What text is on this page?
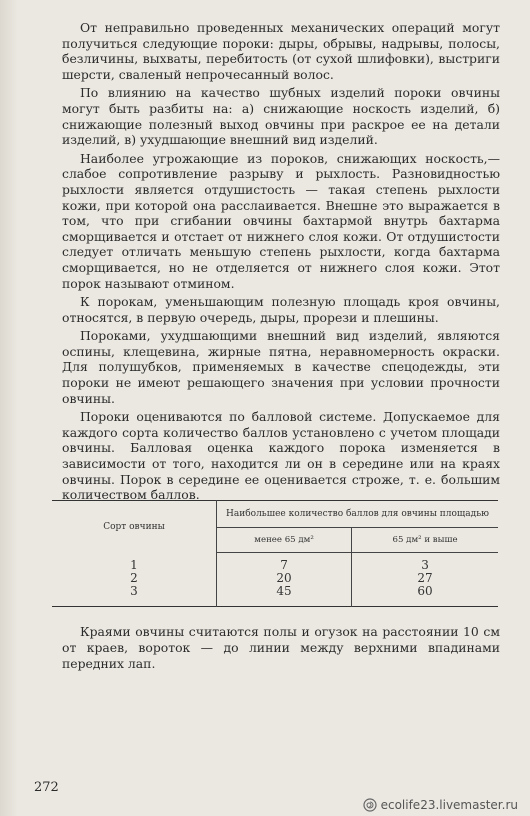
От неправильно проведенных механических операций могут получиться следующие пороки: дыры, обрывы, надрывы, полосы, безличины, выхваты, перебитость (от сухой шлифовки), выстриги шерсти, сваленый непрочесанный волос.

По влиянию на качество шубных изделий пороки овчины могут быть разбиты на: а) снижающие носкость изделий, б) снижающие полезный выход овчины при раскрое ее на детали изделий, в) ухудшающие внешний вид изделий.

Наиболее угрожающие из пороков, снижающих носкость,— слабое сопротивление разрыву и рыхлость. Разновидностью рыхлости является отдушистость — такая степень рыхлости кожи, при которой она расслаивается. Внешне это выражается в том, что при сгибании овчины бахтармой внутрь бахтарма сморщивается и отстает от нижнего слоя кожи. От отдушистости следует отличать меньшую степень рыхлости, когда бахтарма сморщивается, но не отделяется от нижнего слоя кожи. Этот порок называют отмином.

К порокам, уменьшающим полезную площадь кроя овчины, относятся, в первую очередь, дыры, прорези и плешины.

Пороками, ухудшающими внешний вид изделий, являются оспины, клещевина, жирные пятна, неравномерность окраски. Для полушубков, применяемых в качестве спецодежды, эти пороки не имеют решающего значения при условии прочности овчины.

Пороки оцениваются по балловой системе. Допускаемое для каждого сорта количество баллов установлено с учетом площади овчины. Балловая оценка каждого порока изменяется в зависимости от того, находится ли он в середине или на краях овчины. Порок в середине ее оценивается строже, т. е. большим количеством баллов.

Сорт овчины	Наибольшее количество баллов для овчины площадью	
	менее 65 дм²	65 дм² и выше
1	7	3
2	20	27
3	45	60

Краями овчины считаются полы и огузок на расстоянии 10 см от краев, вороток — до линии между верхними впадинами передних лап.

272
ecolife23.livemaster.ru
